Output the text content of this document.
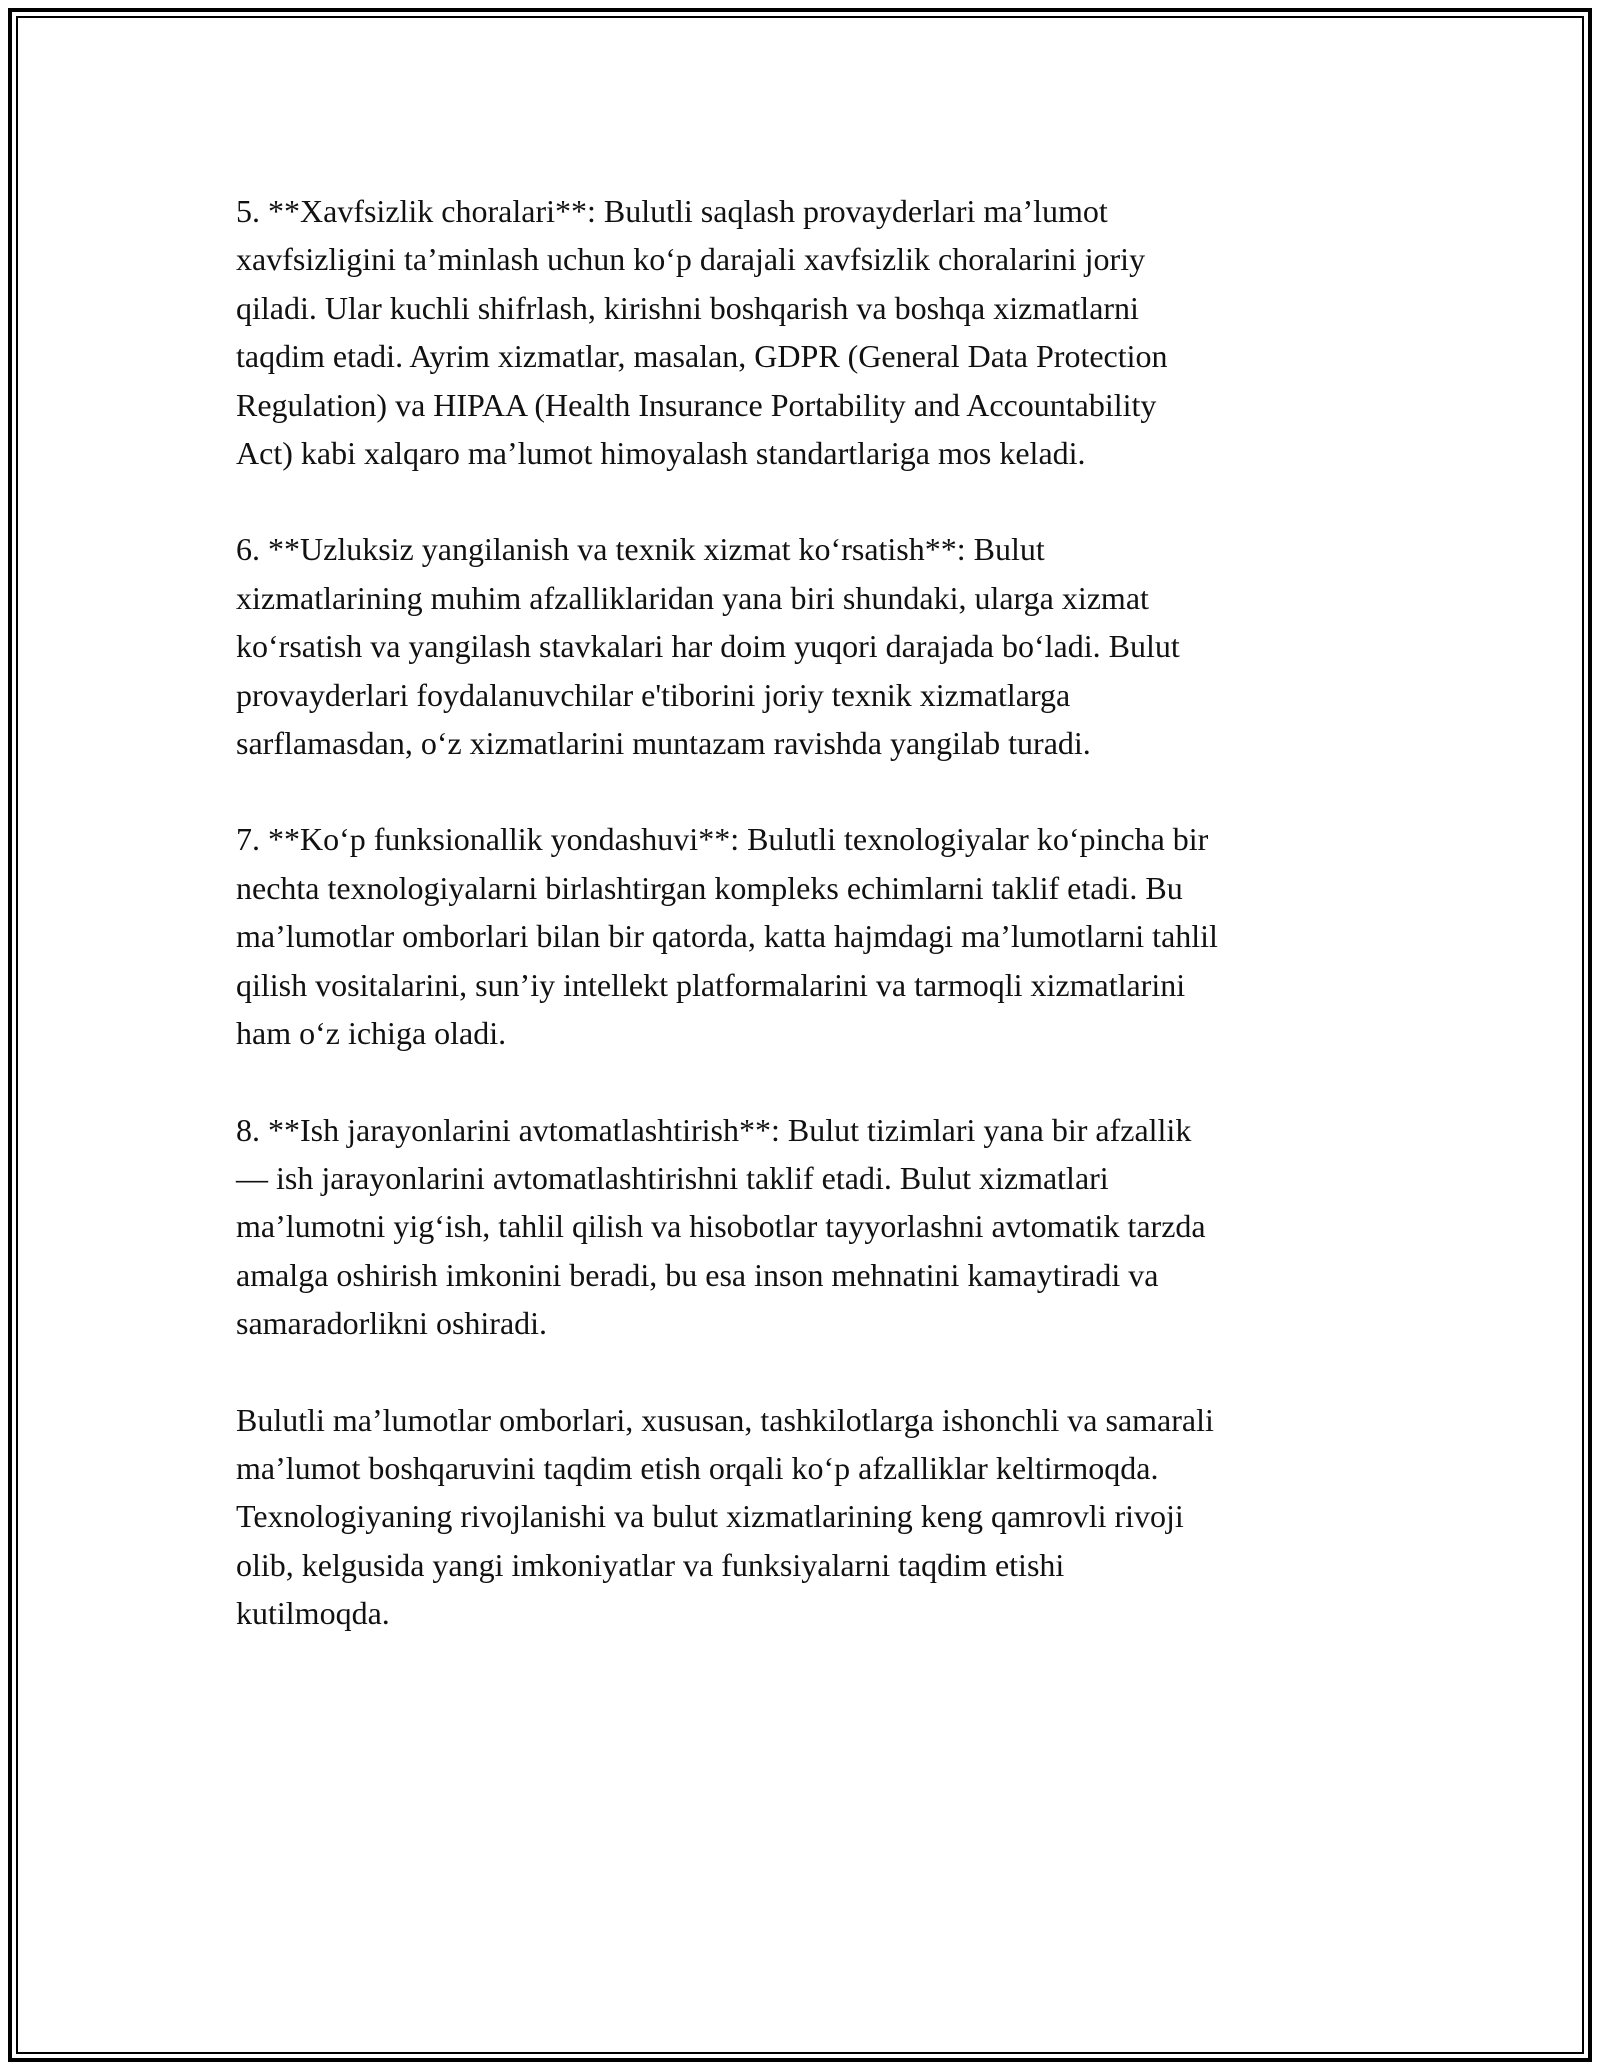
5. **Xavfsizlik choralari**: Bulutli saqlash provayderlari ma’lumot
xavfsizligini ta’minlash uchun ko‘p darajali xavfsizlik choralarini joriy
qiladi. Ular kuchli shifrlash, kirishni boshqarish va boshqa xizmatlarni
taqdim etadi. Ayrim xizmatlar, masalan, GDPR (General Data Protection
Regulation) va HIPAA (Health Insurance Portability and Accountability
Act) kabi xalqaro ma’lumot himoyalash standartlariga mos keladi.

6. **Uzluksiz yangilanish va texnik xizmat ko‘rsatish**: Bulut
xizmatlarining muhim afzalliklaridan yana biri shundaki, ularga xizmat
ko‘rsatish va yangilash stavkalari har doim yuqori darajada bo‘ladi. Bulut
provayderlari foydalanuvchilar e'tiborini joriy texnik xizmatlarga
sarflamasdan, o‘z xizmatlarini muntazam ravishda yangilab turadi.

7. **Ko‘p funksionallik yondashuvi**: Bulutli texnologiyalar ko‘pincha bir
nechta texnologiyalarni birlashtirgan kompleks echimlarni taklif etadi. Bu
ma’lumotlar omborlari bilan bir qatorda, katta hajmdagi ma’lumotlarni tahlil
qilish vositalarini, sun’iy intellekt platformalarini va tarmoqli xizmatlarini
ham o‘z ichiga oladi.

8. **Ish jarayonlarini avtomatlashtirish**: Bulut tizimlari yana bir afzallik
— ish jarayonlarini avtomatlashtirishni taklif etadi. Bulut xizmatlari
ma’lumotni yig‘ish, tahlil qilish va hisobotlar tayyorlashni avtomatik tarzda
amalga oshirish imkonini beradi, bu esa inson mehnatini kamaytiradi va
samaradorlikni oshiradi.

Bulutli ma’lumotlar omborlari, xususan, tashkilotlarga ishonchli va samarali
ma’lumot boshqaruvini taqdim etish orqali ko‘p afzalliklar keltirmoqda.
Texnologiyaning rivojlanishi va bulut xizmatlarining keng qamrovli rivoji
olib, kelgusida yangi imkoniyatlar va funksiyalarni taqdim etishi
kutilmoqda.
